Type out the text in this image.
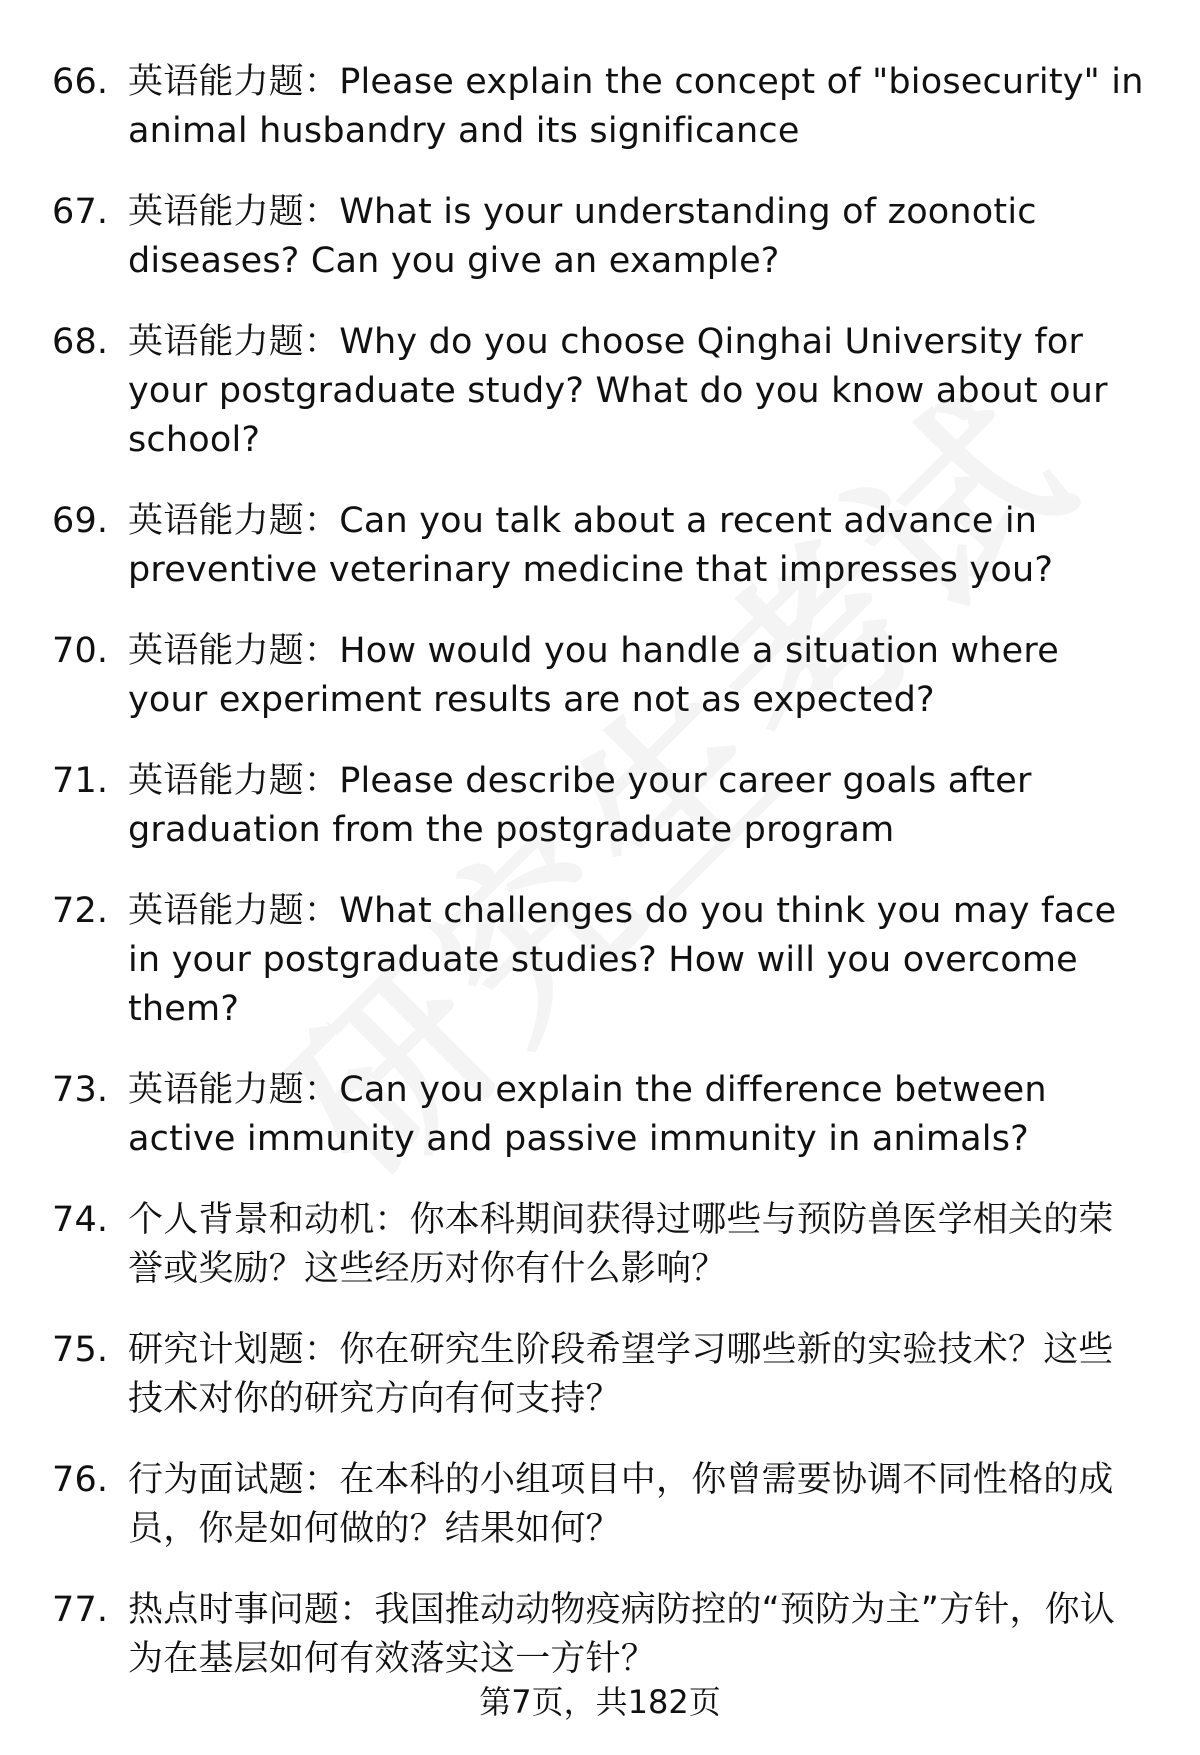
66. 英语能力题：Please explain the concept of "biosecurity" in animal husbandry and its significance
67. 英语能力题：What is your understanding of zoonotic diseases? Can you give an example?
68. 英语能力题：Why do you choose Qinghai University for your postgraduate study? What do you know about our school?
69. 英语能力题：Can you talk about a recent advance in preventive veterinary medicine that impresses you?
70. 英语能力题：How would you handle a situation where your experiment results are not as expected?
71. 英语能力题：Please describe your career goals after graduation from the postgraduate program
72. 英语能力题：What challenges do you think you may face in your postgraduate studies? How will you overcome them?
73. 英语能力题：Can you explain the difference between active immunity and passive immunity in animals?
74. 个人背景和动机：你本科期间获得过哪些与预防兽医学相关的荣誉或奖励？这些经历对你有什么影响？
75. 研究计划题：你在研究生阶段希望学习哪些新的实验技术？这些技术对你的研究方向有何支持？
76. 行为面试题：在本科的小组项目中，你曾需要协调不同性格的成员，你是如何做的？结果如何？
77. 热点时事问题：我国推动动物疫病防控的“预防为主”方针，你认为在基层如何有效落实这一方针？
第7页，共182页
